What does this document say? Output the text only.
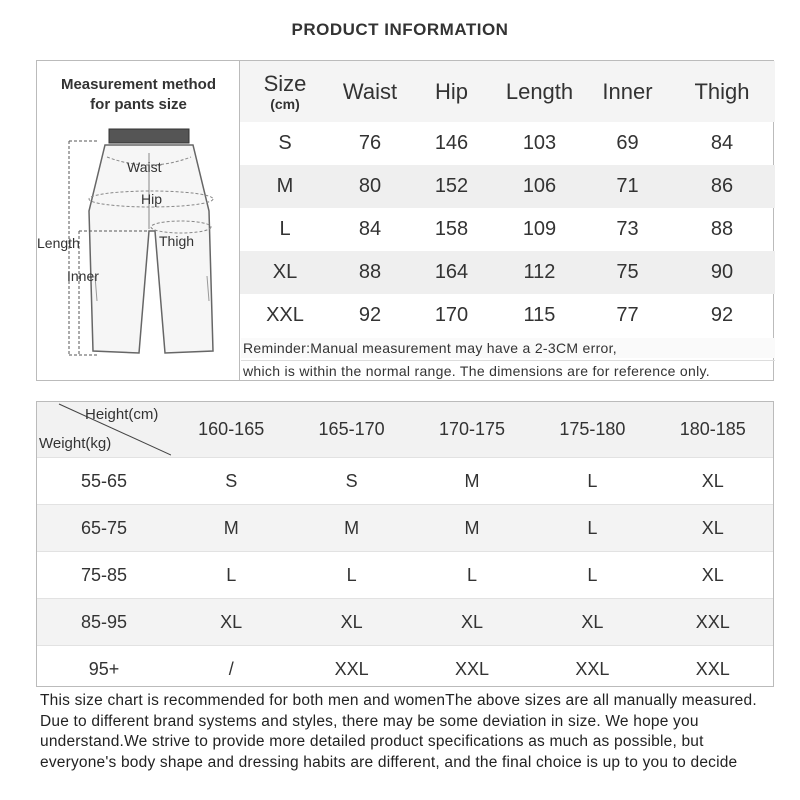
PRODUCT INFORMATION
Measurement method
for pants size
Waist
Hip
Length	Thigh
Inner
Size
(cm)	Waist	Hip	Length	Inner	Thigh
S	76	146	103	69	84
M	80	152	106	71	86
L	84	158	109	73	88
XL	88	164	112	75	90
XXL	92	170	115	77	92
Reminder:Manual measurement may have a 2-3CM error,
which is within the normal range. The dimensions are for reference only.
Height(cm)
Weight(kg)	160-165	165-170	170-175	175-180	180-185
55-65	S	S	M	L	XL
65-75	M	M	M	L	XL
75-85	L	L	L	L	XL
85-95	XL	XL	XL	XL	XXL
95+	/	XXL	XXL	XXL	XXL
This size chart is recommended for both men and womenThe above sizes are all manually measured. Due to different brand systems and styles, there may be some deviation in size. We hope you understand.We strive to provide more detailed product specifications as much as possible, but everyone's body shape and dressing habits are different, and the final choice is up to you to decide
